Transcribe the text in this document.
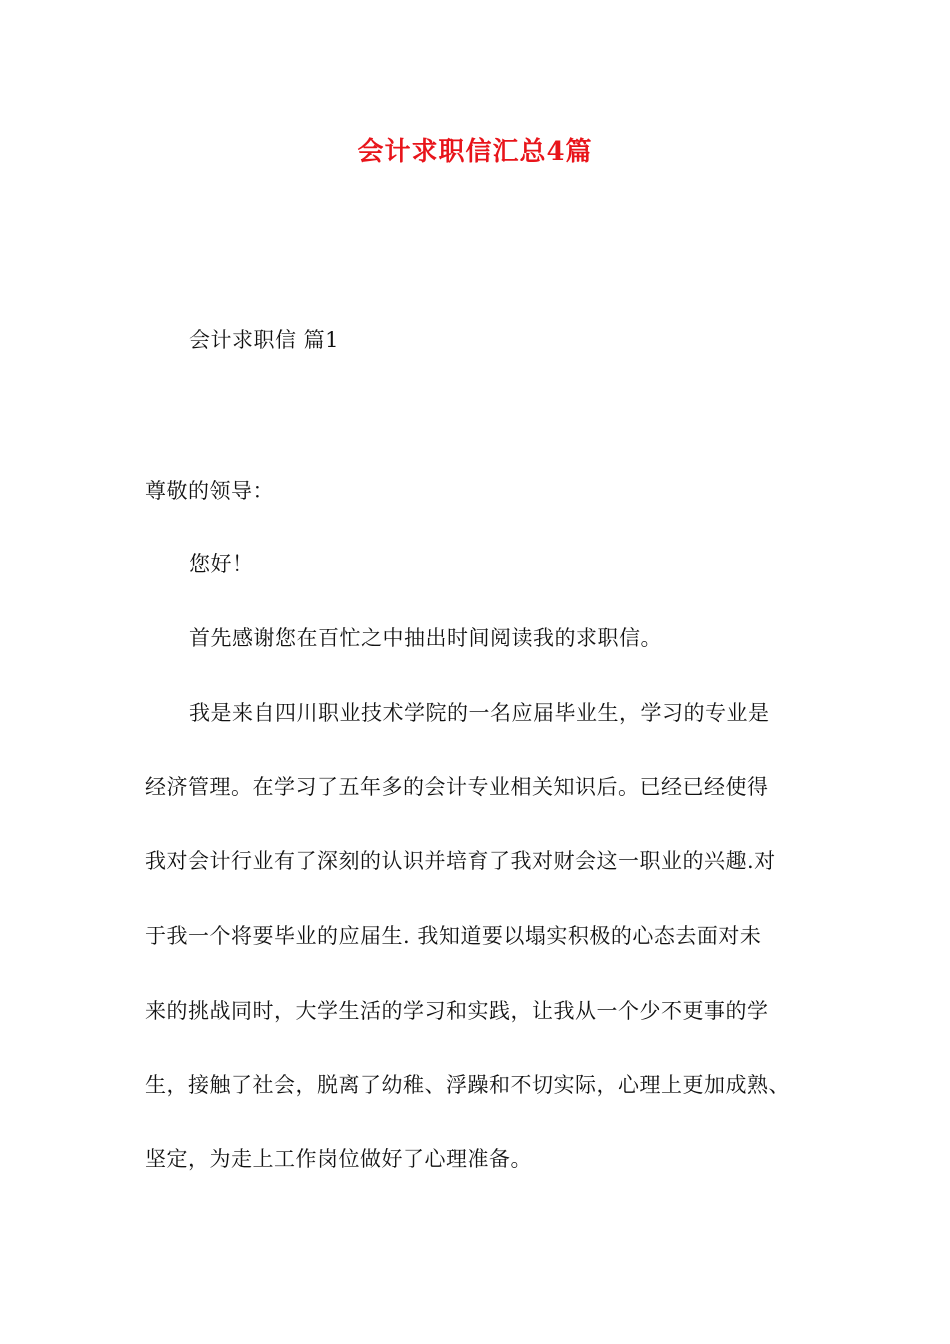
会计求职信汇总4篇
会计求职信 篇1
尊敬的领导：
您好！
首先感谢您在百忙之中抽出时间阅读我的求职信。
我是来自四川职业技术学院的一名应届毕业生，学习的专业是
经济管理。在学习了五年多的会计专业相关知识后。已经已经使得
我对会计行业有了深刻的认识并培育了我对财会这一职业的兴趣.对
于我一个将要毕业的应届生. 我知道要以塌实积极的心态去面对未
来的挑战同时，大学生活的学习和实践，让我从一个少不更事的学
生，接触了社会，脱离了幼稚、浮躁和不切实际，心理上更加成熟、
坚定，为走上工作岗位做好了心理准备。
